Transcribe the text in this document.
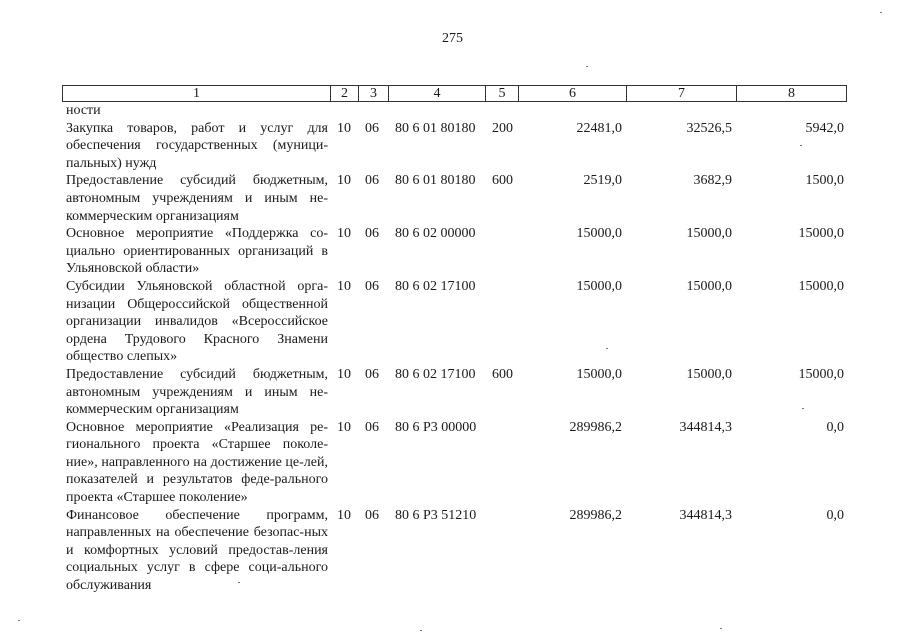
275
1	2	3	4	5	6	7	8
ности							
Закупка товаров, работ и услуг для обеспечения государственных (муници-пальных) нужд	10	06	80 6 01 80180	200	22481,0	32526,5	5942,0
Предоставление субсидий бюджетным, автономным учреждениям и иным не-коммерческим организациям	10	06	80 6 01 80180	600	2519,0	3682,9	1500,0
Основное мероприятие «Поддержка со-циально ориентированных организаций в Ульяновской области»	10	06	80 6 02 00000		15000,0	15000,0	15000,0
Субсидии Ульяновской областной орга-низации Общероссийской общественной организации инвалидов «Всероссийское ордена Трудового Красного Знамени общество слепых»	10	06	80 6 02 17100		15000,0	15000,0	15000,0
Предоставление субсидий бюджетным, автономным учреждениям и иным не-коммерческим организациям	10	06	80 6 02 17100	600	15000,0	15000,0	15000,0
Основное мероприятие «Реализация ре-гионального проекта «Старшее поколе-ние», направленного на достижение це-лей, показателей и результатов феде-рального проекта «Старшее поколение»	10	06	80 6 P3 00000		289986,2	344814,3	0,0
Финансовое обеспечение программ, направленных на обеспечение безопас-ных и комфортных условий предостав-ления социальных услуг в сфере соци-ального обслуживания	10	06	80 6 P3 51210		289986,2	344814,3	0,0
